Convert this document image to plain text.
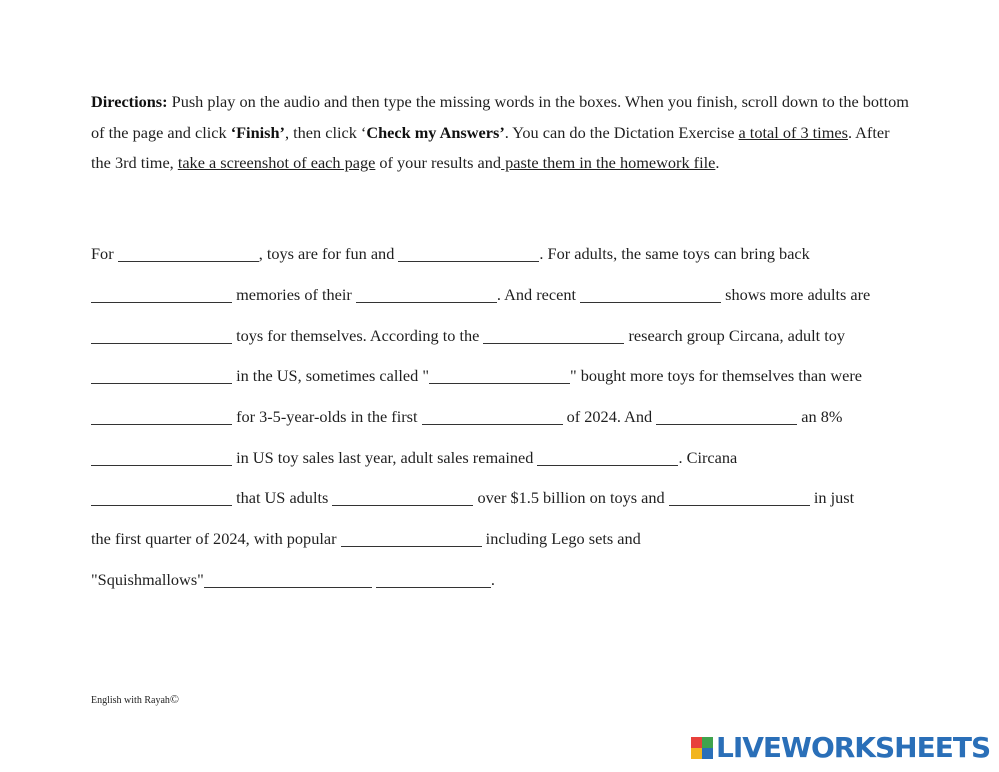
Directions: Push play on the audio and then type the missing words in the boxes. When you finish, scroll down to the bottom of the page and click ‘Finish’, then click ‘Check my Answers’. You can do the Dictation Exercise a total of 3 times. After the 3rd time, take a screenshot of each page of your results and paste them in the homework file.
For	, toys are for fun and	. For adults, the same toys can bring back
memories of their	. And recent	shows more adults are
toys for themselves. According to the	research group Circana, adult toy
in the US, sometimes called "	" bought more toys for themselves than were
for 3-5-year-olds in the first	of 2024. And	an 8%
in US toy sales last year, adult sales remained	. Circana
that US adults	over $1.5 billion on toys and	in just
the first quarter of 2024, with popular	including Lego sets and
"Squishmallows"	.
English with Rayah©
LIVEWORKSHEETS
